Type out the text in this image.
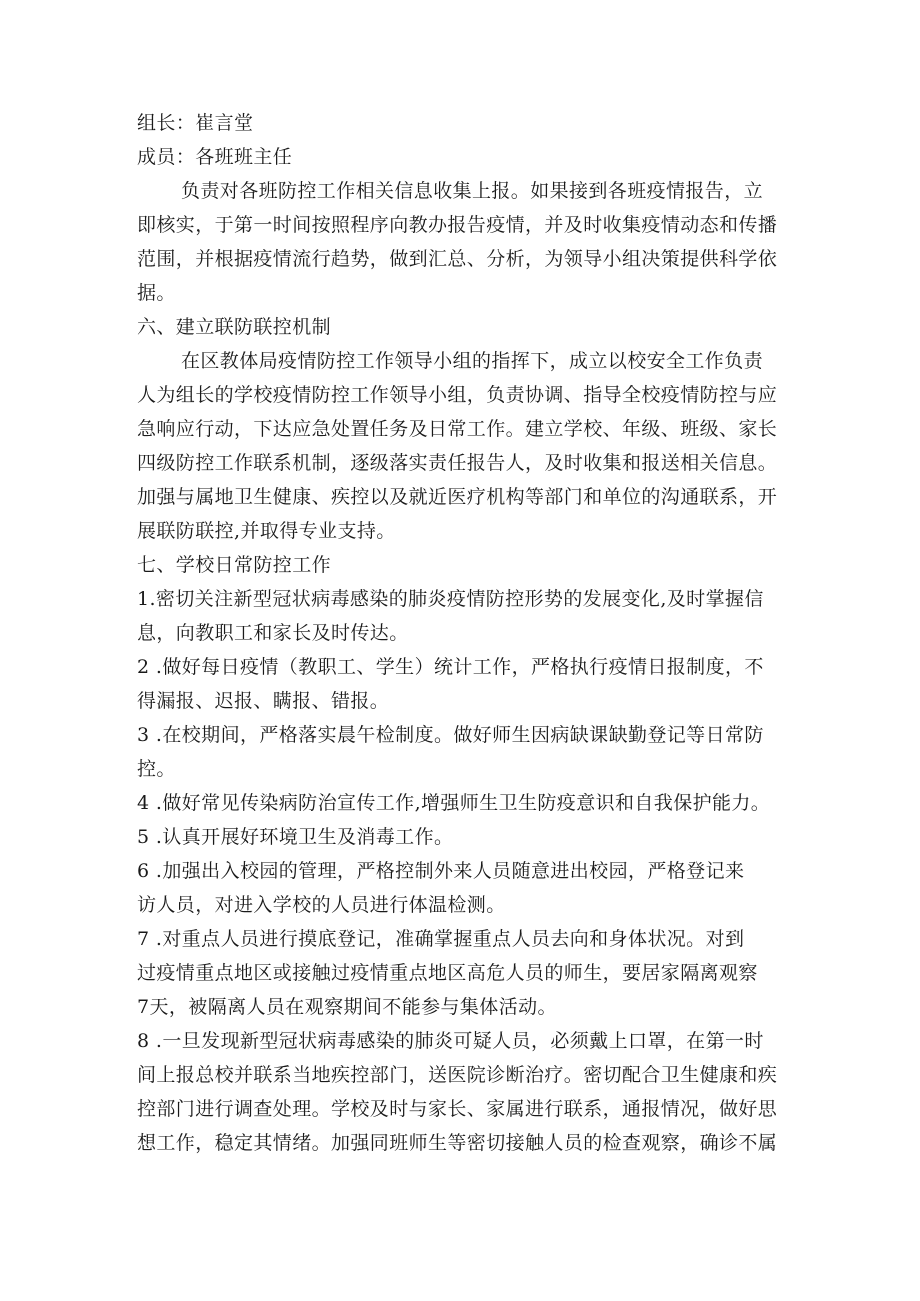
组长：崔言堂
成员：各班班主任
负责对各班防控工作相关信息收集上报。如果接到各班疫情报告，立
即核实，于第一时间按照程序向教办报告疫情，并及时收集疫情动态和传播
范围，并根据疫情流行趋势，做到汇总、分析，为领导小组决策提供科学依
据。
六、建立联防联控机制
在区教体局疫情防控工作领导小组的指挥下，成立以校安全工作负责
人为组长的学校疫情防控工作领导小组，负责协调、指导全校疫情防控与应
急响应行动，下达应急处置任务及日常工作。建立学校、年级、班级、家长
四级防控工作联系机制，逐级落实责任报告人，及时收集和报送相关信息。
加强与属地卫生健康、疾控以及就近医疗机构等部门和单位的沟通联系，开
展联防联控,并取得专业支持。
七、学校日常防控工作
1.密切关注新型冠状病毒感染的肺炎疫情防控形势的发展变化,及时掌握信
息，向教职工和家长及时传达。
2 .做好每日疫情（教职工、学生）统计工作，严格执行疫情日报制度，不
得漏报、迟报、瞒报、错报。
3 .在校期间，严格落实晨午检制度。做好师生因病缺课缺勤登记等日常防
控。
4 .做好常见传染病防治宣传工作,增强师生卫生防疫意识和自我保护能力。
5 .认真开展好环境卫生及消毒工作。
6 .加强出入校园的管理，严格控制外来人员随意进出校园，严格登记来
访人员，对进入学校的人员进行体温检测。
7 .对重点人员进行摸底登记，准确掌握重点人员去向和身体状况。对到
过疫情重点地区或接触过疫情重点地区高危人员的师生，要居家隔离观察
7天，被隔离人员在观察期间不能参与集体活动。
8 .一旦发现新型冠状病毒感染的肺炎可疑人员，必须戴上口罩，在第一时
间上报总校并联系当地疾控部门，送医院诊断治疗。密切配合卫生健康和疾
控部门进行调查处理。学校及时与家长、家属进行联系，通报情况，做好思
想工作，稳定其情绪。加强同班师生等密切接触人员的检查观察，确诊不属
